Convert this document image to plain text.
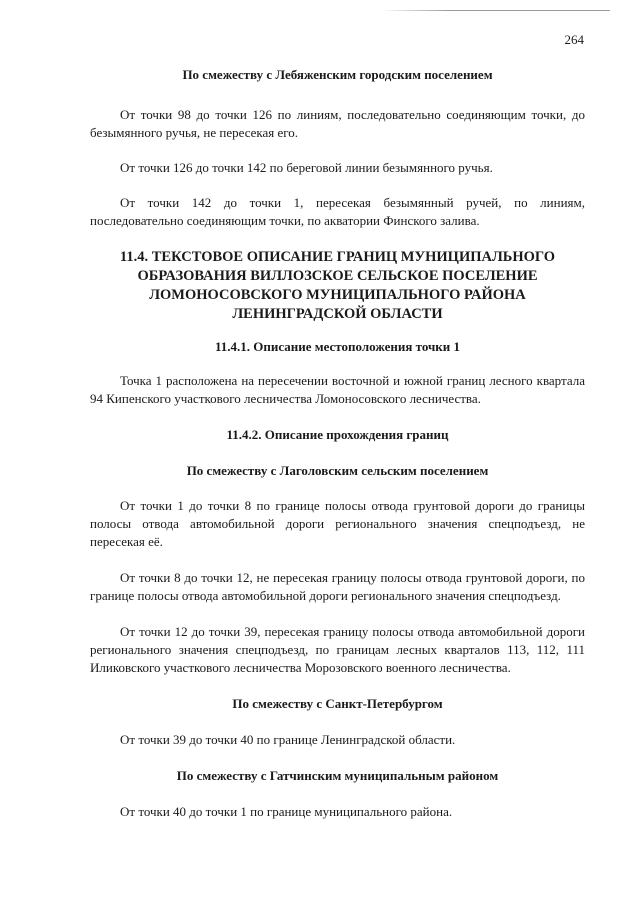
264

По смежеству с Лебяженским городским поселением

От точки 98 до точки 126 по линиям, последовательно соединяющим точки, до безымянного ручья, не пересекая его.

От точки 126 до точки 142 по береговой линии безымянного ручья.

От точки 142 до точки 1, пересекая безымянный ручей, по линиям, последовательно соединяющим точки, по акватории Финского залива.

11.4. ТЕКСТОВОЕ ОПИСАНИЕ ГРАНИЦ МУНИЦИПАЛЬНОГО ОБРАЗОВАНИЯ ВИЛЛОЗСКОЕ СЕЛЬСКОЕ ПОСЕЛЕНИЕ ЛОМОНОСОВСКОГО МУНИЦИПАЛЬНОГО РАЙОНА ЛЕНИНГРАДСКОЙ ОБЛАСТИ

11.4.1. Описание местоположения точки 1

Точка 1 расположена на пересечении восточной и южной границ лесного квартала 94 Кипенского участкового лесничества Ломоносовского лесничества.

11.4.2. Описание прохождения границ

По смежеству с Лаголовским сельским поселением

От точки 1 до точки 8 по границе полосы отвода грунтовой дороги до границы полосы отвода автомобильной дороги регионального значения спецподъезд, не пересекая её.

От точки 8 до точки 12, не пересекая границу полосы отвода грунтовой дороги, по границе полосы отвода автомобильной дороги регионального значения спецподъезд.

От точки 12 до точки 39, пересекая границу полосы отвода автомобильной дороги регионального значения спецподъезд, по границам лесных кварталов 113, 112, 111 Иликовского участкового лесничества Морозовского военного лесничества.

По смежеству с Санкт-Петербургом

От точки 39 до точки 40 по границе Ленинградской области.

По смежеству с Гатчинским муниципальным районом

От точки 40 до точки 1 по границе муниципального района.
